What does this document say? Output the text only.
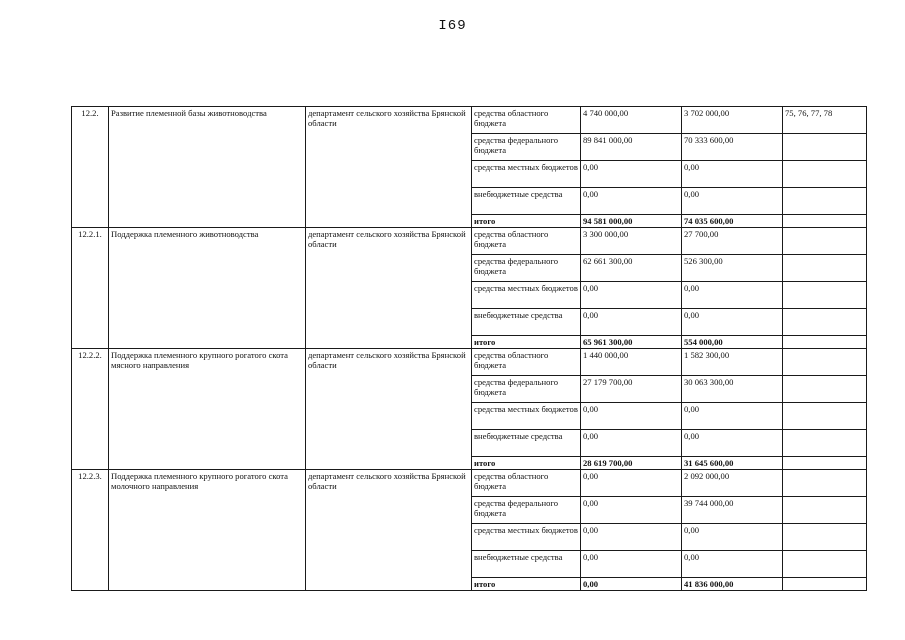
I69
12.2.	Развитие племенной базы животноводства	департамент сельского хозяйства Брянской области	средства областного бюджета	4 740 000,00	3 702 000,00	75, 76, 77, 78
			средства федерального бюджета	89 841 000,00	70 333 600,00	
			средства местных бюджетов	0,00	0,00	
			внебюджетные средства	0,00	0,00	
			итого	94 581 000,00	74 035 600,00	
12.2.1.	Поддержка племенного животноводства	департамент сельского хозяйства Брянской области	средства областного бюджета	3 300 000,00	27 700,00	
			средства федерального бюджета	62 661 300,00	526 300,00	
			средства местных бюджетов	0,00	0,00	
			внебюджетные средства	0,00	0,00	
			итого	65 961 300,00	554 000,00	
12.2.2.	Поддержка племенного крупного рогатого скота мясного направления	департамент сельского хозяйства Брянской области	средства областного бюджета	1 440 000,00	1 582 300,00	
			средства федерального бюджета	27 179 700,00	30 063 300,00	
			средства местных бюджетов	0,00	0,00	
			внебюджетные средства	0,00	0,00	
			итого	28 619 700,00	31 645 600,00	
12.2.3.	Поддержка племенного крупного рогатого скота молочного направления	департамент сельского хозяйства Брянской области	средства областного бюджета	0,00	2 092 000,00	
			средства федерального бюджета	0,00	39 744 000,00	
			средства местных бюджетов	0,00	0,00	
			внебюджетные средства	0,00	0,00	
			итого	0,00	41 836 000,00	
